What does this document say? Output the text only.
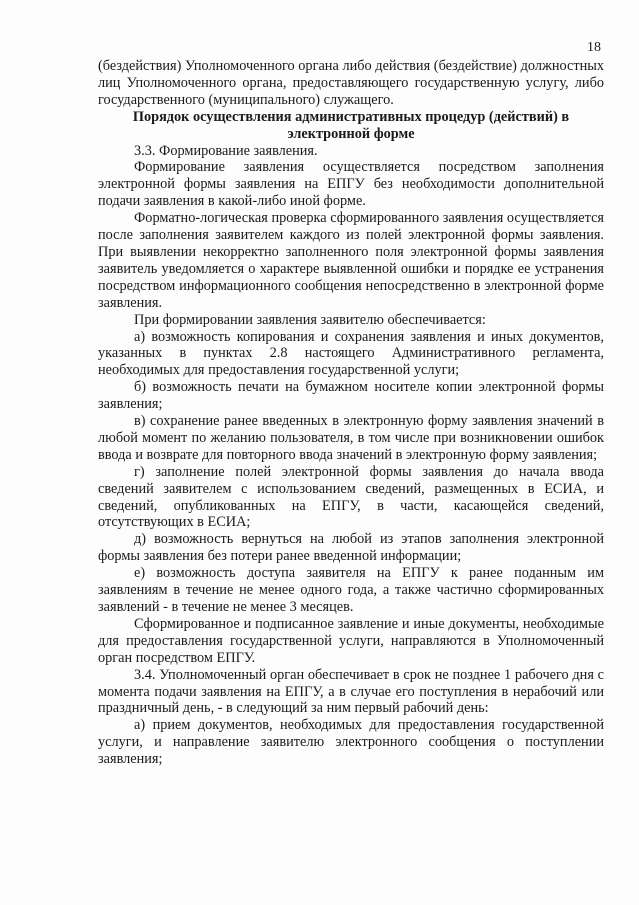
18

(бездействия) Уполномоченного органа либо действия (бездействие) должностных лиц Уполномоченного органа, предоставляющего государственную услугу, либо государственного (муниципального) служащего.

Порядок осуществления административных процедур (действий) в электронной форме

3.3. Формирование заявления.

Формирование заявления осуществляется посредством заполнения электронной формы заявления на ЕПГУ без необходимости дополнительной подачи заявления в какой-либо иной форме.

Форматно-логическая проверка сформированного заявления осуществляется после заполнения заявителем каждого из полей электронной формы заявления. При выявлении некорректно заполненного поля электронной формы заявления заявитель уведомляется о характере выявленной ошибки и порядке ее устранения посредством информационного сообщения непосредственно в электронной форме заявления.

При формировании заявления заявителю обеспечивается:

а) возможность копирования и сохранения заявления и иных документов, указанных в пунктах 2.8 настоящего Административного регламента, необходимых для предоставления государственной услуги;

б) возможность печати на бумажном носителе копии электронной формы заявления;

в) сохранение ранее введенных в электронную форму заявления значений в любой момент по желанию пользователя, в том числе при возникновении ошибок ввода и возврате для повторного ввода значений в электронную форму заявления;

г) заполнение полей электронной формы заявления до начала ввода сведений заявителем с использованием сведений, размещенных в ЕСИА, и сведений, опубликованных на ЕПГУ, в части, касающейся сведений, отсутствующих в ЕСИА;

д) возможность вернуться на любой из этапов заполнения электронной формы заявления без потери ранее введенной информации;

е) возможность доступа заявителя на ЕПГУ к ранее поданным им заявлениям в течение не менее одного года, а также частично сформированных заявлений - в течение не менее 3 месяцев.

Сформированное и подписанное заявление и иные документы, необходимые для предоставления государственной услуги, направляются в Уполномоченный орган посредством ЕПГУ.

3.4. Уполномоченный орган обеспечивает в срок не позднее 1 рабочего дня с момента подачи заявления на ЕПГУ, а в случае его поступления в нерабочий или праздничный день, - в следующий за ним первый рабочий день:

а) прием документов, необходимых для предоставления государственной услуги, и направление заявителю электронного сообщения о поступлении заявления;
